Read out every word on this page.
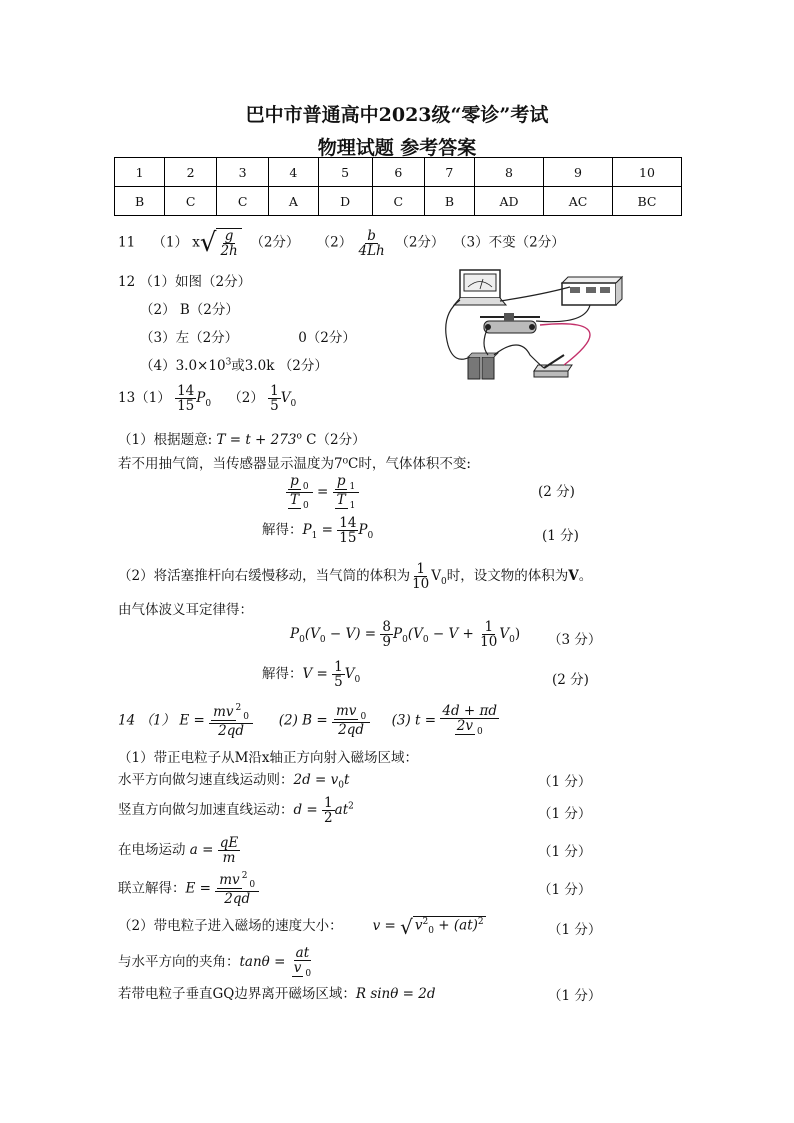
巴中市普通高中2023级“零诊”考试
物理试题 参考答案
1	2	3	4	5	6	7	8	9	10
B	C	C	A	D	C	B	AD	AC	BC
11 （1） x √ $\frac{g}{2h} (2$分） $(2) \frac{b}{4Lh} (2$分） （3）不变（2分）
12 （1）如图（2分）
（2） B（2分）
（3）左（2分）	0（2分）
$(4)3.0\times 10^3$或3.0k （2分）
$13(1) \frac{14}{15} P_0$ $(2) \frac{1}{5} V_0$
（1）根据题意: $T = t + 273^o$ C（2分）
若不用抽气筒，当传感器显示温度为7⁰C时，气体体积不变:
$\frac{p _0}{T _0} = \frac{p _1}{T _1}$	(2 分)
解得：$P_1 = \frac{14}{15} P_0$	(1 分)
（2）将活塞推杆向右缓慢移动，当气筒的体积为 $\frac{1}{10} V_0$时，设文物的体积为V。
由气体波义耳定律得：
$P_0(V_0 - V) = \frac{8}{9} P_0(V_0 - V + \frac{1}{10} V_0)$ （3 分）
解得：$V = \frac{1}{5} V_0$	(2 分)
14 （1） $E = \frac{mv ^2_0}{2qd} (2) B = \frac{mv _0}{2qd} (3) t = \frac{4d + \pi d}{2v _0}$
（1）带正电粒子从M沿x轴正方向射入磁场区域：
水平方向做匀速直线运动则：$2d = v_0t$	（1 分）
竖直方向做匀加速直线运动：$d = \frac{1}{2} at^2$	（1 分）
在电场运动 $a = \frac{qE}{m}$	（1 分）
联立解得：$E = \frac{mv ^2_0}{2qd}$	（1 分）
（2）带电粒子进入磁场的速度大小： v = √ $v^2_0 + (at)^2$	（1 分）
与水平方向的夹角：$\tan\theta = \frac{at}{v _0}$
若带电粒子垂直GQ边界离开磁场区域：R sinθ = 2d	（1 分）
